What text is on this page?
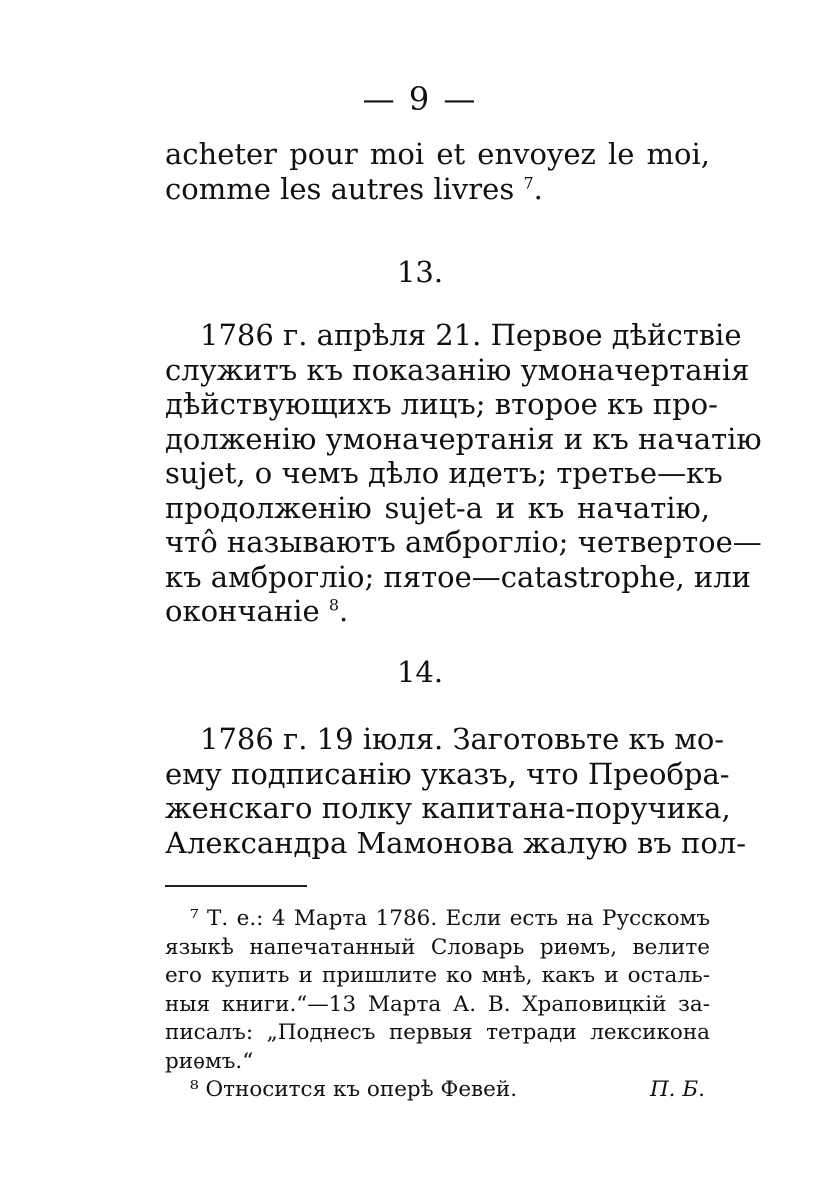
— 9 —
acheter pour moi et envoyez le moi,
comme les autres livres $^7$.
13.
1786 г. апрѣля 21. Первое дѣйствіе
служитъ къ показанію умоначертанія
дѣйствующихъ лицъ; второе къ про-
долженію умоначертанія и къ начатію
sujet, о чемъ дѣло идетъ; третье—къ
продолженію sujet-a и къ начатію,
что̂ называютъ амброгліо; четвертое—
къ амброгліо; пятое—catastrophe, или
окончаніе $^8$.
14.
1786 г. 19 іюля. Заготовьте къ мо-
ему подписанію указъ, что Преобра-
женскаго полку капитана-поручика,
Александра Мамонова жалую въ пол-
⁷ Т. е.: 4 Марта 1786. Если есть на Русскомъ
языкѣ напечатанный Словарь риѳмъ, велите
его купить и пришлите ко мнѣ, какъ и осталь-
ныя книги.“—13 Марта А. В. Храповицкій за-
писалъ: „Поднесъ первыя тетради лексикона
риѳмъ.“
⁸ Относится къ оперѣ Февей.	П. Б.
